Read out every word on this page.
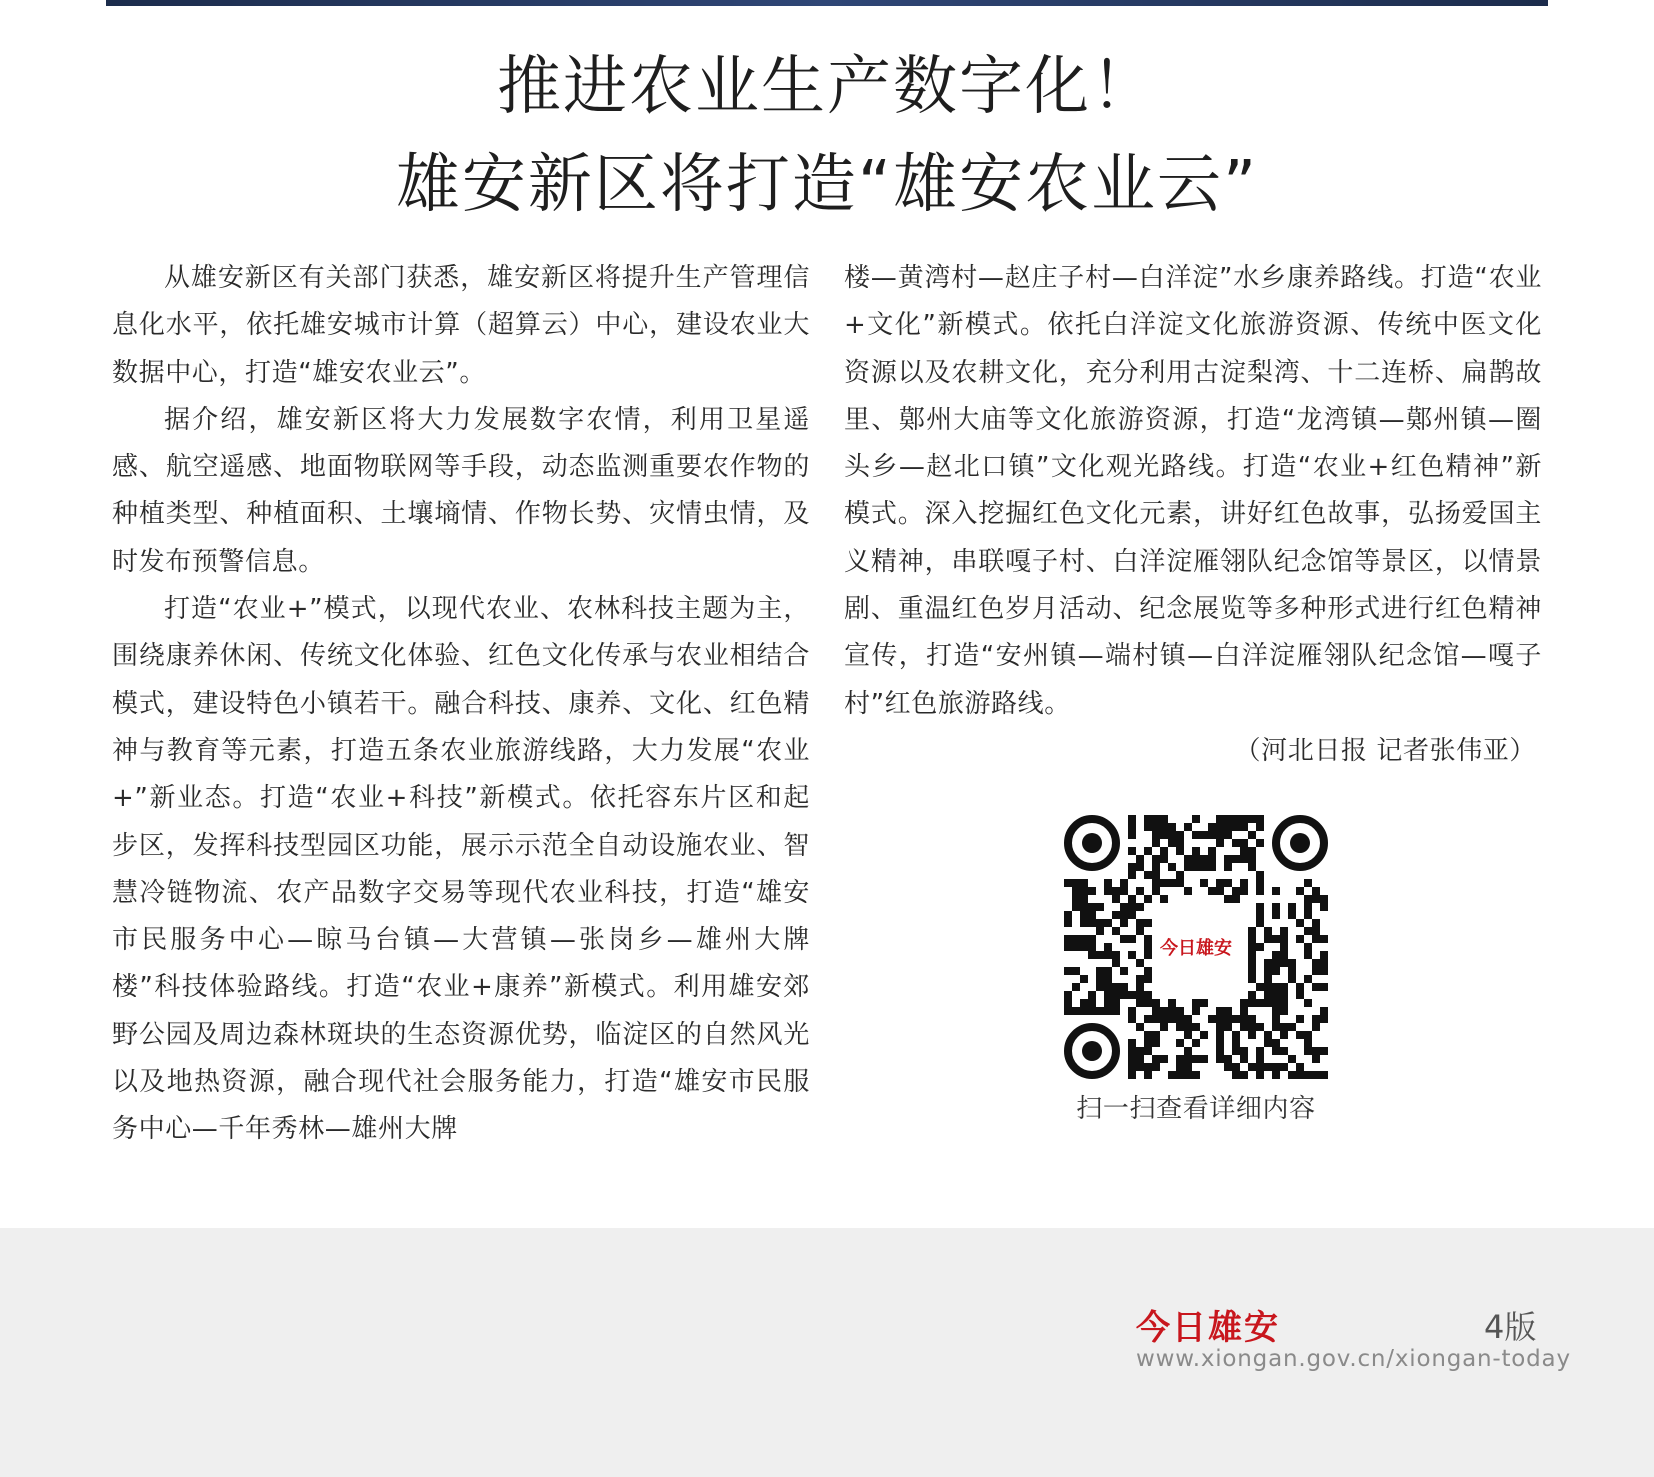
推进农业生产数字化！
雄安新区将打造“雄安农业云”

从雄安新区有关部门获悉，雄安新区将提升生产管理信息化水平，依托雄安城市计算（超算云）中心，建设农业大数据中心，打造“雄安农业云”。

据介绍，雄安新区将大力发展数字农情，利用卫星遥感、航空遥感、地面物联网等手段，动态监测重要农作物的种植类型、种植面积、土壤墒情、作物长势、灾情虫情，及时发布预警信息。

打造“农业+”模式，以现代农业、农林科技主题为主，围绕康养休闲、传统文化体验、红色文化传承与农业相结合模式，建设特色小镇若干。融合科技、康养、文化、红色精神与教育等元素，打造五条农业旅游线路，大力发展“农业+”新业态。打造“农业+科技”新模式。依托容东片区和起步区，发挥科技型园区功能，展示示范全自动设施农业、智慧冷链物流、农产品数字交易等现代农业科技，打造“雄安市民服务中心—晾马台镇—大营镇—张岗乡—雄州大牌楼”科技体验路线。打造“农业+康养”新模式。利用雄安郊野公园及周边森林斑块的生态资源优势，临淀区的自然风光以及地热资源，融合现代社会服务能力，打造“雄安市民服务中心—千年秀林—雄州大牌

楼—黄湾村—赵庄子村—白洋淀”水乡康养路线。打造“农业+文化”新模式。依托白洋淀文化旅游资源、传统中医文化资源以及农耕文化，充分利用古淀梨湾、十二连桥、扁鹊故里、鄚州大庙等文化旅游资源，打造“龙湾镇—鄚州镇—圈头乡—赵北口镇”文化观光路线。打造“农业+红色精神”新模式。深入挖掘红色文化元素，讲好红色故事，弘扬爱国主义精神，串联嘎子村、白洋淀雁翎队纪念馆等景区，以情景剧、重温红色岁月活动、纪念展览等多种形式进行红色精神宣传，打造“安州镇—端村镇—白洋淀雁翎队纪念馆—嘎子村”红色旅游路线。

（河北日报 记者张伟亚）

今日雄安
扫一扫查看详细内容
今日雄安	4版
www.xiongan.gov.cn/xiongan-today
